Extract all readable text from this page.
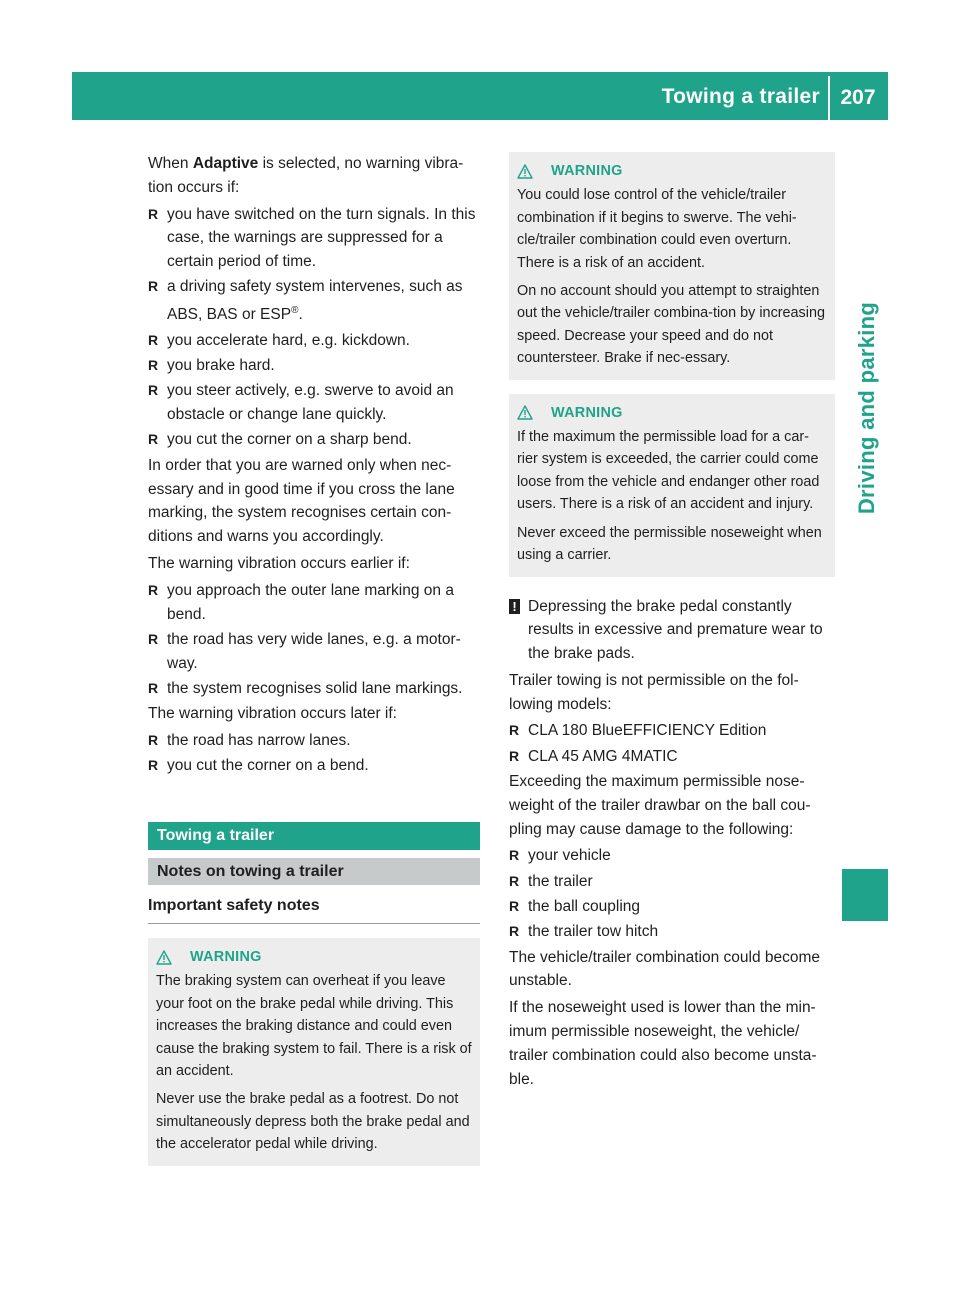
Towing a trailer 207
Driving and parking

When Adaptive is selected, no warning vibra-tion occurs if:

R you have switched on the turn signals. In this case, the warnings are suppressed for a certain period of time.
R a driving safety system intervenes, such as ABS, BAS or ESP®.
R you accelerate hard, e.g. kickdown.
R you brake hard.
R you steer actively, e.g. swerve to avoid an obstacle or change lane quickly.
R you cut the corner on a sharp bend.

In order that you are warned only when nec-essary and in good time if you cross the lane marking, the system recognises certain con-ditions and warns you accordingly.

The warning vibration occurs earlier if:

R you approach the outer lane marking on a bend.
R the road has very wide lanes, e.g. a motor-way.
R the system recognises solid lane markings.

The warning vibration occurs later if:

R the road has narrow lanes.
R you cut the corner on a bend.
Towing a trailer
Notes on towing a trailer
Important safety notes
WARNING

The braking system can overheat if you leave your foot on the brake pedal while driving. This increases the braking distance and could even cause the braking system to fail. There is a risk of an accident.

Never use the brake pedal as a footrest. Do not simultaneously depress both the brake pedal and the accelerator pedal while driving.

WARNING

You could lose control of the vehicle/trailer combination if it begins to swerve. The vehi-cle/trailer combination could even overturn. There is a risk of an accident.

On no account should you attempt to straighten out the vehicle/trailer combina-tion by increasing speed. Decrease your speed and do not countersteer. Brake if nec-essary.

WARNING

If the maximum the permissible load for a car-rier system is exceeded, the carrier could come loose from the vehicle and endanger other road users. There is a risk of an accident and injury.

Never exceed the permissible noseweight when using a carrier.

! Depressing the brake pedal constantly results in excessive and premature wear to the brake pads.

Trailer towing is not permissible on the fol-lowing models:

R CLA 180 BlueEFFICIENCY Edition
R CLA 45 AMG 4MATIC

Exceeding the maximum permissible nose-weight of the trailer drawbar on the ball cou-pling may cause damage to the following:

R your vehicle
R the trailer
R the ball coupling
R the trailer tow hitch

The vehicle/trailer combination could become unstable.

If the noseweight used is lower than the min-imum permissible noseweight, the vehicle/ trailer combination could also become unsta-ble.
